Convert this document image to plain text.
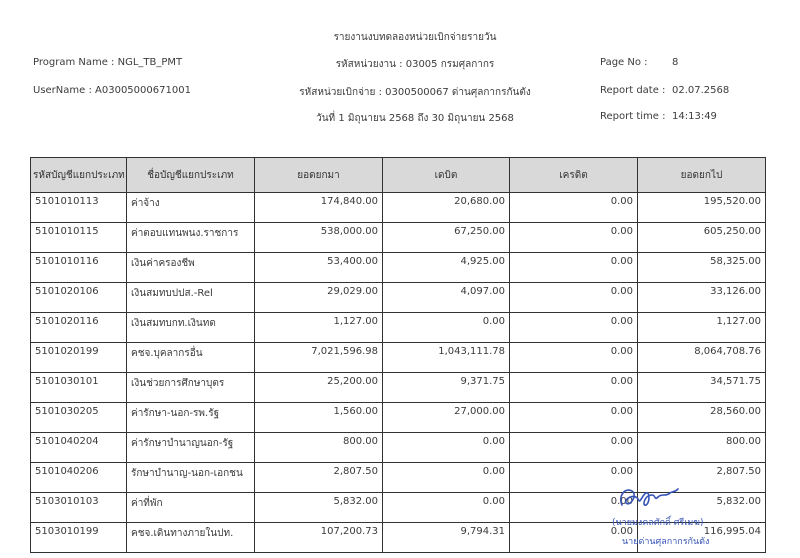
รายงานงบทดลองหน่วยเบิกจ่ายรายวัน
Program Name : NGL_TB_PMT	รหัสหน่วยงาน : 03005 กรมศุลกากร	Page No : 8
UserName : A03005000671001	รหัสหน่วยเบิกจ่าย : 0300500067 ด่านศุลกากรกันตัง	Report date : 02.07.2568
วันที่ 1 มิถุนายน 2568 ถึง 30 มิถุนายน 2568	Report time : 14:13:49
รหัสบัญชีแยกประเภท	ชื่อบัญชีแยกประเภท	ยอดยกมา	เดบิต	เครดิต	ยอดยกไป
5101010113	ค่าจ้าง	174,840.00	20,680.00	0.00	195,520.00
5101010115	ค่าตอบแทนพนง.ราชการ	538,000.00	67,250.00	0.00	605,250.00
5101010116	เงินค่าครองชีพ	53,400.00	4,925.00	0.00	58,325.00
5101020106	เงินสมทบปปส.-Rel	29,029.00	4,097.00	0.00	33,126.00
5101020116	เงินสมทบกท.เงินทด	1,127.00	0.00	0.00	1,127.00
5101020199	คชจ.บุคลากรอื่น	7,021,596.98	1,043,111.78	0.00	8,064,708.76
5101030101	เงินช่วยการศึกษาบุตร	25,200.00	9,371.75	0.00	34,571.75
5101030205	ค่ารักษา-นอก-รพ.รัฐ	1,560.00	27,000.00	0.00	28,560.00
5101040204	ค่ารักษาบำนาญนอก-รัฐ	800.00	0.00	0.00	800.00
5101040206	รักษาบำนาญ-นอก-เอกชน	2,807.50	0.00	0.00	2,807.50
5103010103	ค่าที่พัก	5,832.00	0.00	0.00	5,832.00
5103010199	คชจ.เดินทางภายในปท.	107,200.73	9,794.31	0.00	116,995.04
(นายมงคลศักดิ์ ศรีเมฆ)
นายด่านศุลกากรกันตัง
